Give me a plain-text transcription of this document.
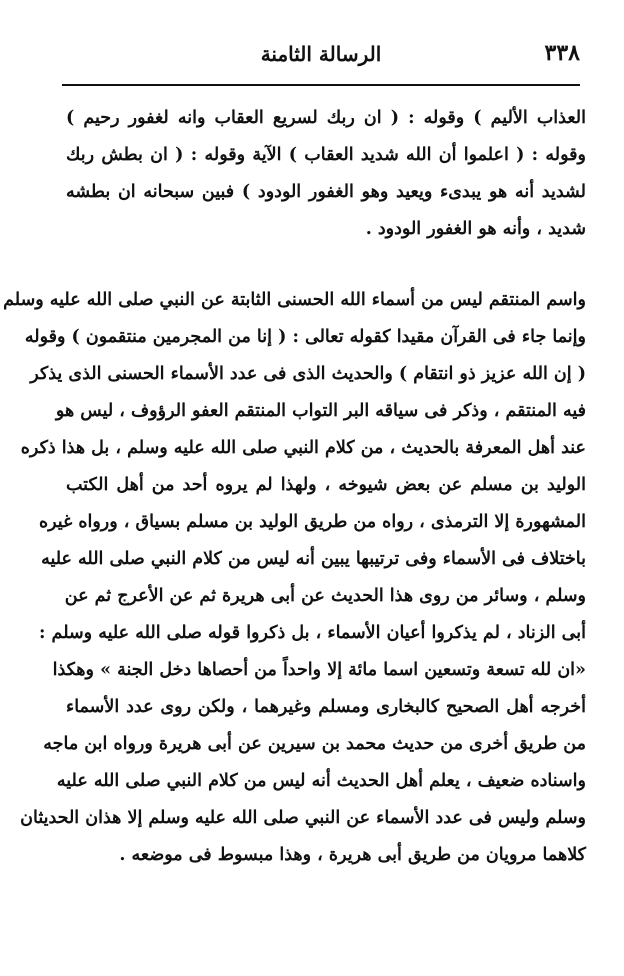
٣٣٨
الرسالة الثامنة
العذاب الأليم ) وقوله : ( ان ربك لسريع العقاب وانه لغفور رحيم )
وقوله : ( اعلموا أن الله شديد العقاب ) الآية وقوله : ( ان بطش ربك
لشديد أنه هو يبدىء ويعيد وهو الغفور الودود ) فبين سبحانه ان بطشه
شديد ، وأنه هو الغفور الودود .
واسم المنتقم ليس من أسماء الله الحسنى الثابتة عن النبي صلى الله عليه وسلم
وإنما جاء فى القرآن مقيدا كقوله تعالى : ( إنا من المجرمين منتقمون ) وقوله
( إن الله عزيز ذو انتقام ) والحديث الذى فى عدد الأسماء الحسنى الذى يذكر
فيه المنتقم ، وذكر فى سياقه البر التواب المنتقم العفو الرؤوف ، ليس هو
عند أهل المعرفة بالحديث ، من كلام النبي صلى الله عليه وسلم ، بل هذا ذكره
الوليد بن مسلم عن بعض شيوخه ، ولهذا لم يروه أحد من أهل الكتب
المشهورة إلا الترمذى ، رواه من طريق الوليد بن مسلم بسياق ، ورواه غيره
باختلاف فى الأسماء وفى ترتيبها يبين أنه ليس من كلام النبي صلى الله عليه
وسلم ، وسائر من روى هذا الحديث عن أبى هريرة ثم عن الأعرج ثم عن
أبى الزناد ، لم يذكروا أعيان الأسماء ، بل ذكروا قوله صلى الله عليه وسلم :
«ان لله تسعة وتسعين اسما مائة إلا واحداً من أحصاها دخل الجنة » وهكذا
أخرجه أهل الصحيح كالبخارى ومسلم وغيرهما ، ولكن روى عدد الأسماء
من طريق أخرى من حديث محمد بن سيرين عن أبى هريرة ورواه ابن ماجه
واسناده ضعيف ، يعلم أهل الحديث أنه ليس من كلام النبي صلى الله عليه
وسلم وليس فى عدد الأسماء عن النبي صلى الله عليه وسلم إلا هذان الحديثان
كلاهما مرويان من طريق أبى هريرة ، وهذا مبسوط فى موضعه .
